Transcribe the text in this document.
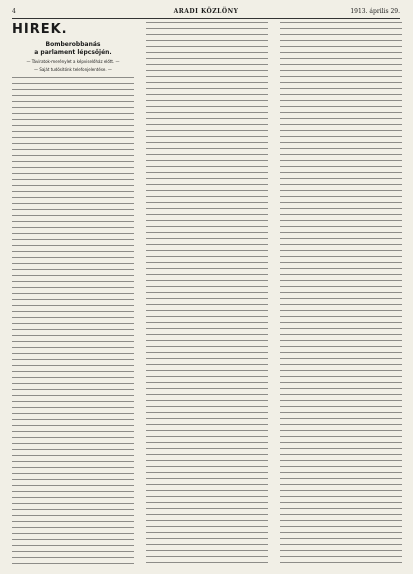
4	ARADI KÖZLÖNY	1913. április 29.
HÍREK.
Bomberobbanás
a parlament lépcsőjén.
— Táviratok-merénylet a képviselőház előtt. —
— Saját tudósítónk telefonjelentése. —
